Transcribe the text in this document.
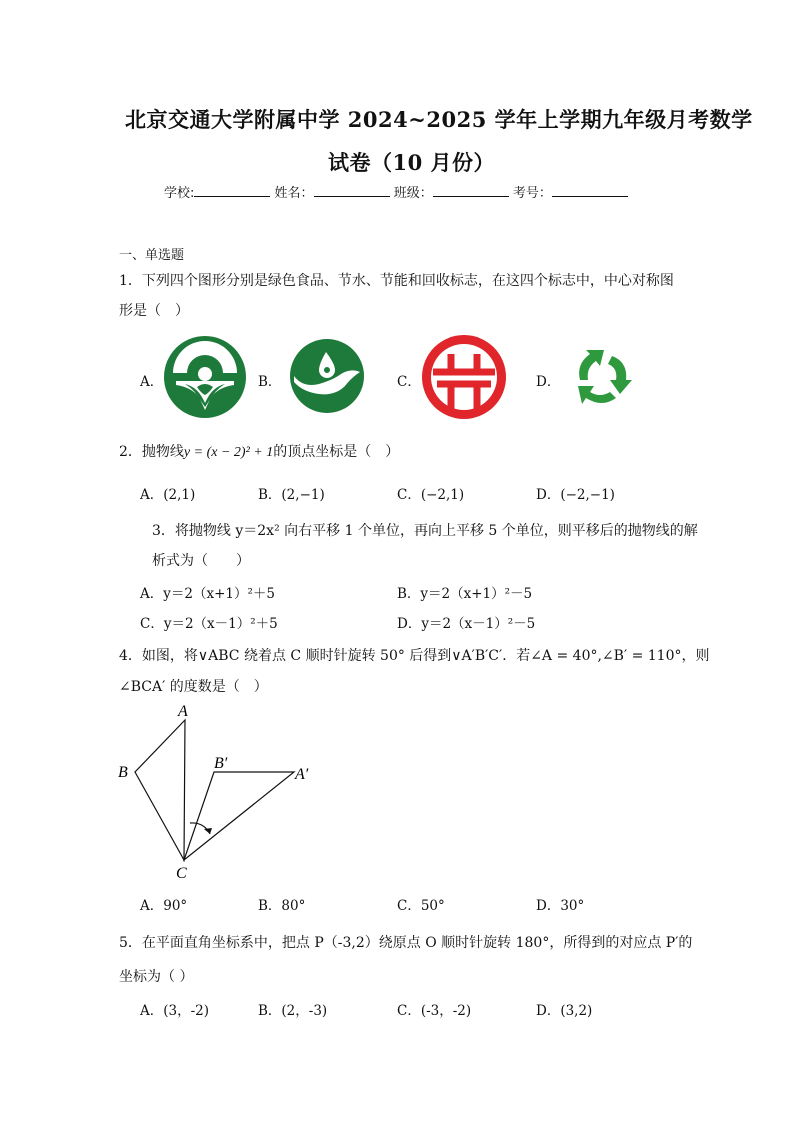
北京交通大学附属中学 2024~2025 学年上学期九年级月考数学
试卷（10 月份）
学校:	姓名：	班级：	考号：
一、单选题
1．下列四个图形分别是绿色食品、节水、节能和回收标志，在这四个标志中，中心对称图
形是（　）
A．	B．	C．	D．
2．抛物线y = (x − 2)² + 1的顶点坐标是（　）
A．(2,1)	B．(2,−1)	C．(−2,1)	D．(−2,−1)
3．将抛物线 y＝2x² 向右平移 1 个单位，再向上平移 5 个单位，则平移后的抛物线的解
析式为（　　）
A．y＝2（x+1）²＋5	B．y＝2（x+1）²－5
C．y＝2（x－1）²＋5	D．y＝2（x－1）²－5
4．如图，将∨ABC 绕着点 C 顺时针旋转 50° 后得到∨A′B′C′．若∠A = 40°,∠B′ = 110°，则
∠BCA′ 的度数是（　）
A
B
C
B′
A′
A．90°	B．80°	C．50°	D．30°
5．在平面直角坐标系中，把点 P（-3,2）绕原点 O 顺时针旋转 180°，所得到的对应点 P′的
坐标为（ ）
A．(3，-2)	B．(2，-3)	C．(-3，-2)	D．(3,2)
